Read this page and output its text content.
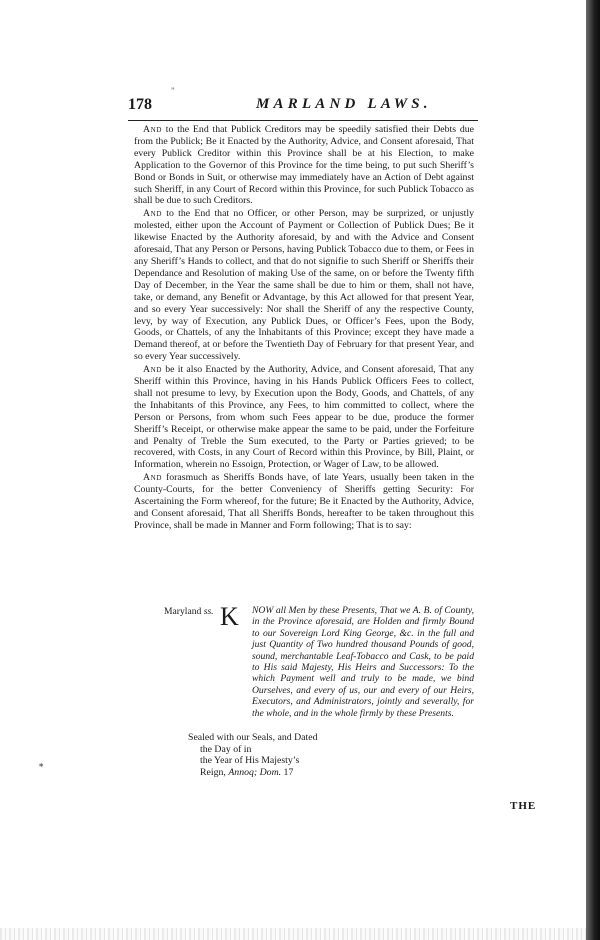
”
∗
178	MARLAND LAWS.

And to the End that Publick Creditors may be speedily satisfied their Debts due from the Publick; Be it Enacted by the Authority, Advice, and Consent aforesaid, That every Publick Creditor within this Province shall be at his Election, to make Application to the Governor of this Province for the time being, to put such Sheriff’s Bond or Bonds in Suit, or otherwise may immediately have an Action of Debt against such Sheriff, in any Court of Record within this Province, for such Publick Tobacco as shall be due to such Creditors.

And to the End that no Officer, or other Person, may be surprized, or unjustly molested, either upon the Account of Payment or Collection of Publick Dues; Be it likewise Enacted by the Authority aforesaid, by and with the Advice and Consent aforesaid, That any Person or Persons, having Publick Tobacco due to them, or Fees in any Sheriff’s Hands to collect, and that do not signifie to such Sheriff or Sheriffs their Dependance and Resolution of making Use of the same, on or before the Twenty fifth Day of December, in the Year the same shall be due to him or them, shall not have, take, or demand, any Benefit or Advantage, by this Act allowed for that present Year, and so every Year successively: Nor shall the Sheriff of any the respective County, levy, by way of Execution, any Publick Dues, or Officer’s Fees, upon the Body, Goods, or Chattels, of any the Inhabitants of this Province; except they have made a Demand thereof, at or before the Twentieth Day of February for that present Year, and so every Year successively.

And be it also Enacted by the Authority, Advice, and Consent aforesaid, That any Sheriff within this Province, having in his Hands Publick Officers Fees to collect, shall not presume to levy, by Execution upon the Body, Goods, and Chattels, of any the Inhabitants of this Province, any Fees, to him committed to collect, where the Person or Persons, from whom such Fees appear to be due, produce the former Sheriff’s Receipt, or otherwise make appear the same to be paid, under the Forfeiture and Penalty of Treble the Sum executed, to the Party or Parties grieved; to be recovered, with Costs, in any Court of Record within this Province, by Bill, Plaint, or Information, wherein no Essoign, Protection, or Wager of Law, to be allowed.

And forasmuch as Sheriffs Bonds have, of late Years, usually been taken in the County-Courts, for the better Conveniency of Sheriffs getting Security: For Ascertaining the Form whereof, for the future; Be it Enacted by the Authority, Advice, and Consent aforesaid, That all Sheriffs Bonds, hereafter to be taken throughout this Province, shall be made in Manner and Form following; That is to say:

Maryland ss. K NOW all Men by these Presents, That we A. B. of County, in the Province aforesaid, are Holden and firmly Bound to our Sovereign Lord King George, &c. in the full and just Quantity of Two hundred thousand Pounds of good, sound, merchantable Leaf-Tobacco and Cask, to be paid to His said Majesty, His Heirs and Successors: To the which Payment well and truly to be made, we bind Ourselves, and every of us, our and every of our Heirs, Executors, and Administrators, jointly and severally, for the whole, and in the whole firmly by these Presents.
Sealed with our Seals, and Dated
the Day of in
the Year of His Majesty’s
Reign, Annoq; Dom. 17
THE
